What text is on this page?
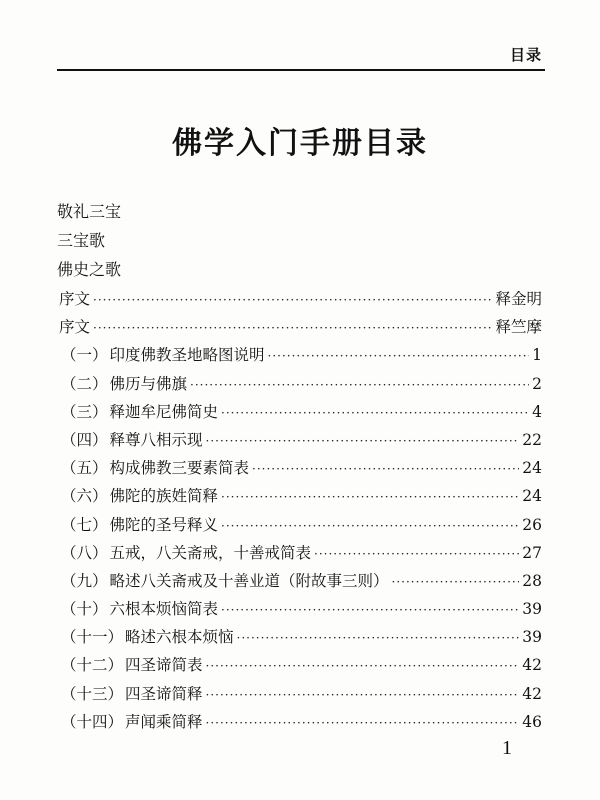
目录
佛学入门手册目录
敬礼三宝
三宝歌
佛史之歌
序文 ·····	释金明
序文 ·····	释竺摩
（一） 印度佛教圣地略图说明 ·····	1
（二） 佛历与佛旗 ·····	2
（三） 释迦牟尼佛简史 ·····	4
（四） 释尊八相示现 ·····	22
（五） 构成佛教三要素简表 ·····	24
（六） 佛陀的族姓简释 ·····	24
（七） 佛陀的圣号释义 ·····	26
（八） 五戒，八关斋戒，十善戒简表 ·····	27
（九） 略述八关斋戒及十善业道（附故事三则） ·····	28
（十） 六根本烦恼简表 ·····	39
（十一） 略述六根本烦恼 ·····	39
（十二） 四圣谛简表 ·····	42
（十三） 四圣谛简释 ·····	42
（十四） 声闻乘简释 ·····	46
1
